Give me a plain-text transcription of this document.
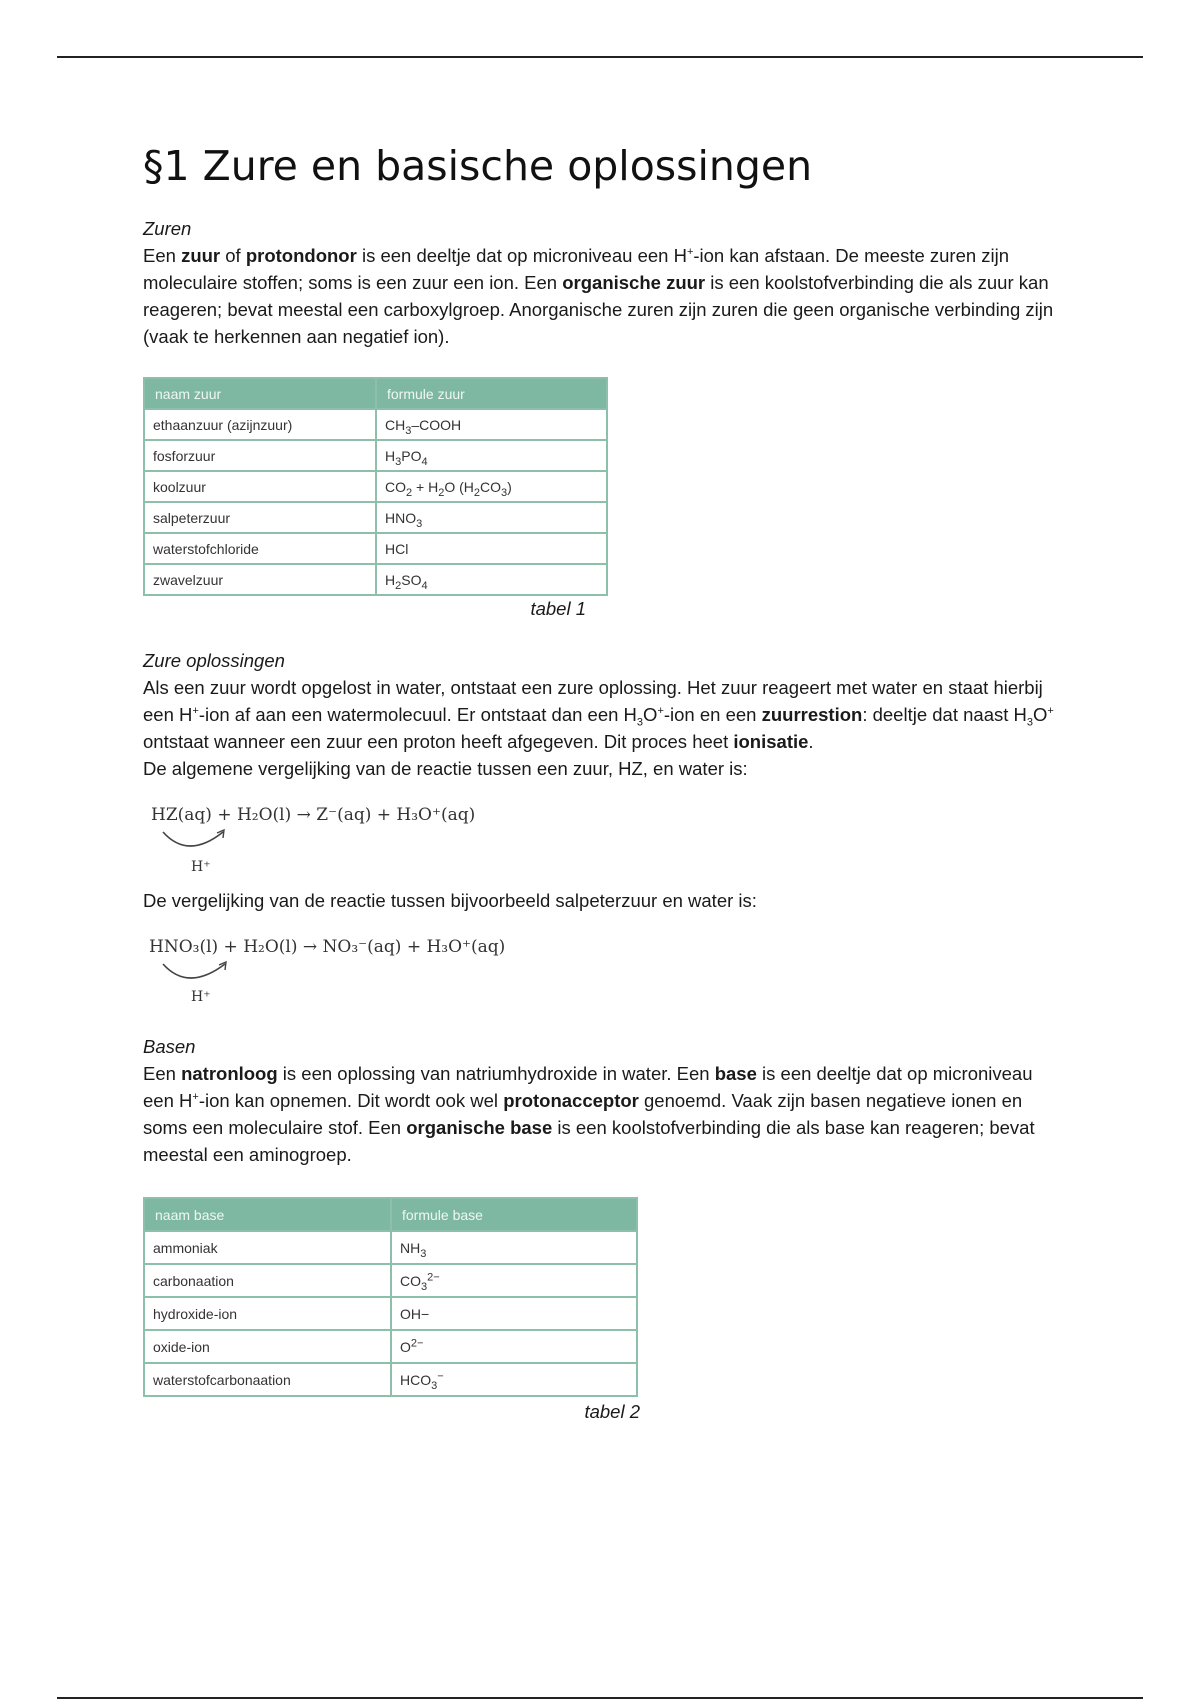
§1 Zure en basische oplossingen

Zuren

Een zuur of protondonor is een deeltje dat op microniveau een H+-ion kan afstaan. De meeste zuren zijn moleculaire stoffen; soms is een zuur een ion. Een organische zuur is een koolstofverbinding die als zuur kan reageren; bevat meestal een carboxylgroep. Anorganische zuren zijn zuren die geen organische verbinding zijn (vaak te herkennen aan negatief ion).

naam zuur	formule zuur
ethaanzuur (azijnzuur)	$CH_3$–COOH
fosforzuur	$H_3PO_4$
koolzuur	$CO_2 + H_2O$ $(H_2CO_3)$
salpeterzuur	$HNO_3$
waterstofchloride	HCl
zwavelzuur	$H_2SO_4$
tabel 1

Zure oplossingen

Als een zuur wordt opgelost in water, ontstaat een zure oplossing. Het zuur reageert met water en staat hierbij een H+-ion af aan een watermolecuul. Er ontstaat dan een $H_3O^+$-ion en een zuurrestion: deeltje dat naast $H_3O^+$ ontstaat wanneer een zuur een proton heeft afgegeven. Dit proces heet ionisatie.

De algemene vergelijking van de reactie tussen een zuur, HZ, en water is:

HZ(aq) + H₂O(l) → Z⁻(aq) + H₃O⁺(aq)
H⁺

De vergelijking van de reactie tussen bijvoorbeeld salpeterzuur en water is:

HNO₃(l) + H₂O(l) → NO₃⁻(aq) + H₃O⁺(aq)
H⁺

Basen

Een natronloog is een oplossing van natriumhydroxide in water. Een base is een deeltje dat op microniveau een H+-ion kan opnemen. Dit wordt ook wel protonacceptor genoemd. Vaak zijn basen negatieve ionen en soms een moleculaire stof. Een organische base is een koolstofverbinding die als base kan reageren; bevat meestal een aminogroep.

naam base	formule base
ammoniak	$NH_3$
carbonaation	$CO_3^{2-}$
hydroxide-ion	OH−
oxide-ion	$O^{2-}$
waterstofcarbonaation	$HCO_3^-$
tabel 2
